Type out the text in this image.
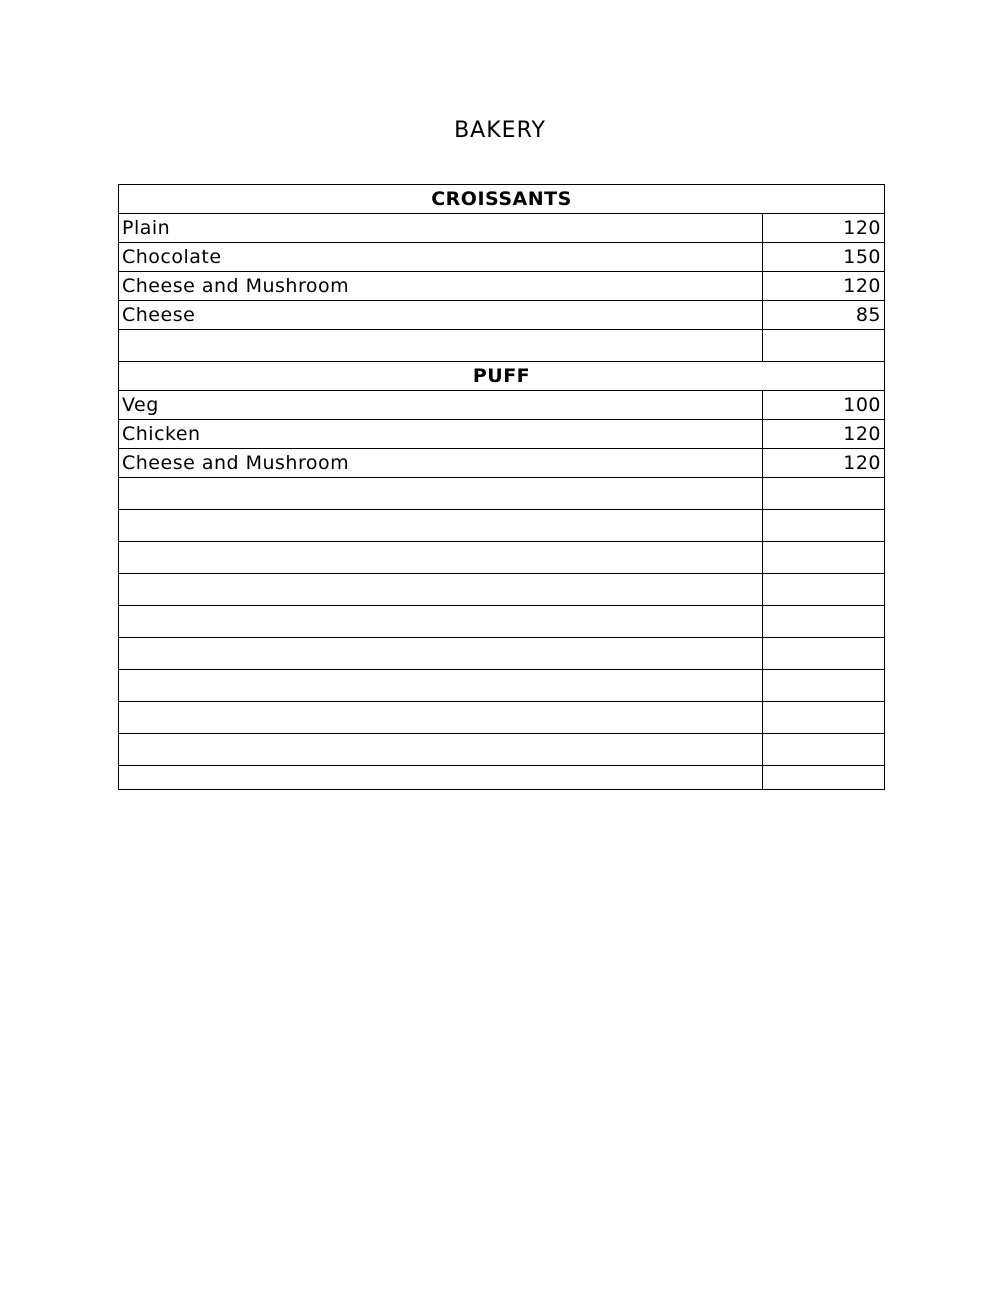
BAKERY
CROISSANTS	
Plain	120
Chocolate	150
Cheese and Mushroom	120
Cheese	85

PUFF	
Veg	100
Chicken	120
Cheese and Mushroom	120
